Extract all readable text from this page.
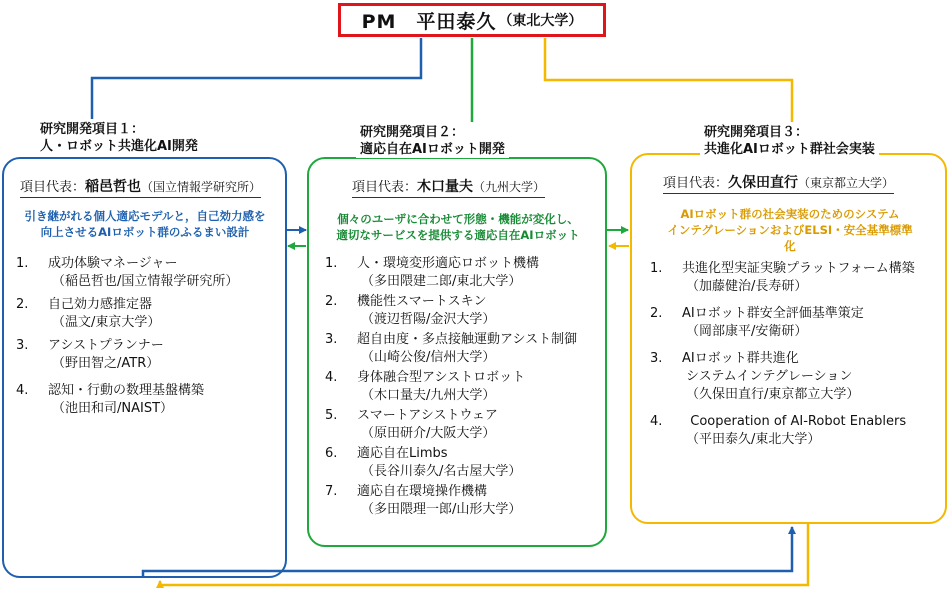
PM　平田泰久 （東北大学）
研究開発項目１：
人・ロボット共進化AI開発
研究開発項目２：
適応自在AIロボット開発
研究開発項目３：
共進化AIロボット群社会実装
項目代表：稲邑哲也（国立情報学研究所）	項目代表：木口量夫（九州大学）	項目代表：久保田直行（東京都立大学）
引き継がれる個人適応モデルと，自己効力感を
向上させるAIロボット群のふるまい設計
個々のユーザに合わせて形態・機能が変化し、
適切なサービスを提供する適応自在AIロボット
AIロボット群の社会実装のためのシステム
インテグレーションおよびELSI・安全基準標準
化
1. 成功体験マネージャー
（稲邑哲也/国立情報学研究所）
2. 自己効力感推定器
（温文/東京大学）
3. アシストプランナー
（野田智之/ATR）
4. 認知・行動の数理基盤構築
（池田和司/NAIST）
1. 人・環境変形適応ロボット機構
（多田隈建二郎/東北大学）
2. 機能性スマートスキン
（渡辺哲陽/金沢大学）
3. 超自由度・多点接触運動アシスト制御
（山崎公俊/信州大学）
4. 身体融合型アシストロボット
（木口量夫/九州大学）
5. スマートアシストウェア
（原田研介/大阪大学）
6. 適応自在Limbs
（長谷川泰久/名古屋大学）
7. 適応自在環境操作機構
（多田隈理一郎/山形大学）
1. 共進化型実証実験プラットフォーム構築
（加藤健治/長寿研）
2. AIロボット群安全評価基準策定
（岡部康平/安衛研）
3. AIロボット群共進化
システムインテグレーション
（久保田直行/東京都立大学）
4. Cooperation of AI-Robot Enablers
（平田泰久/東北大学）
